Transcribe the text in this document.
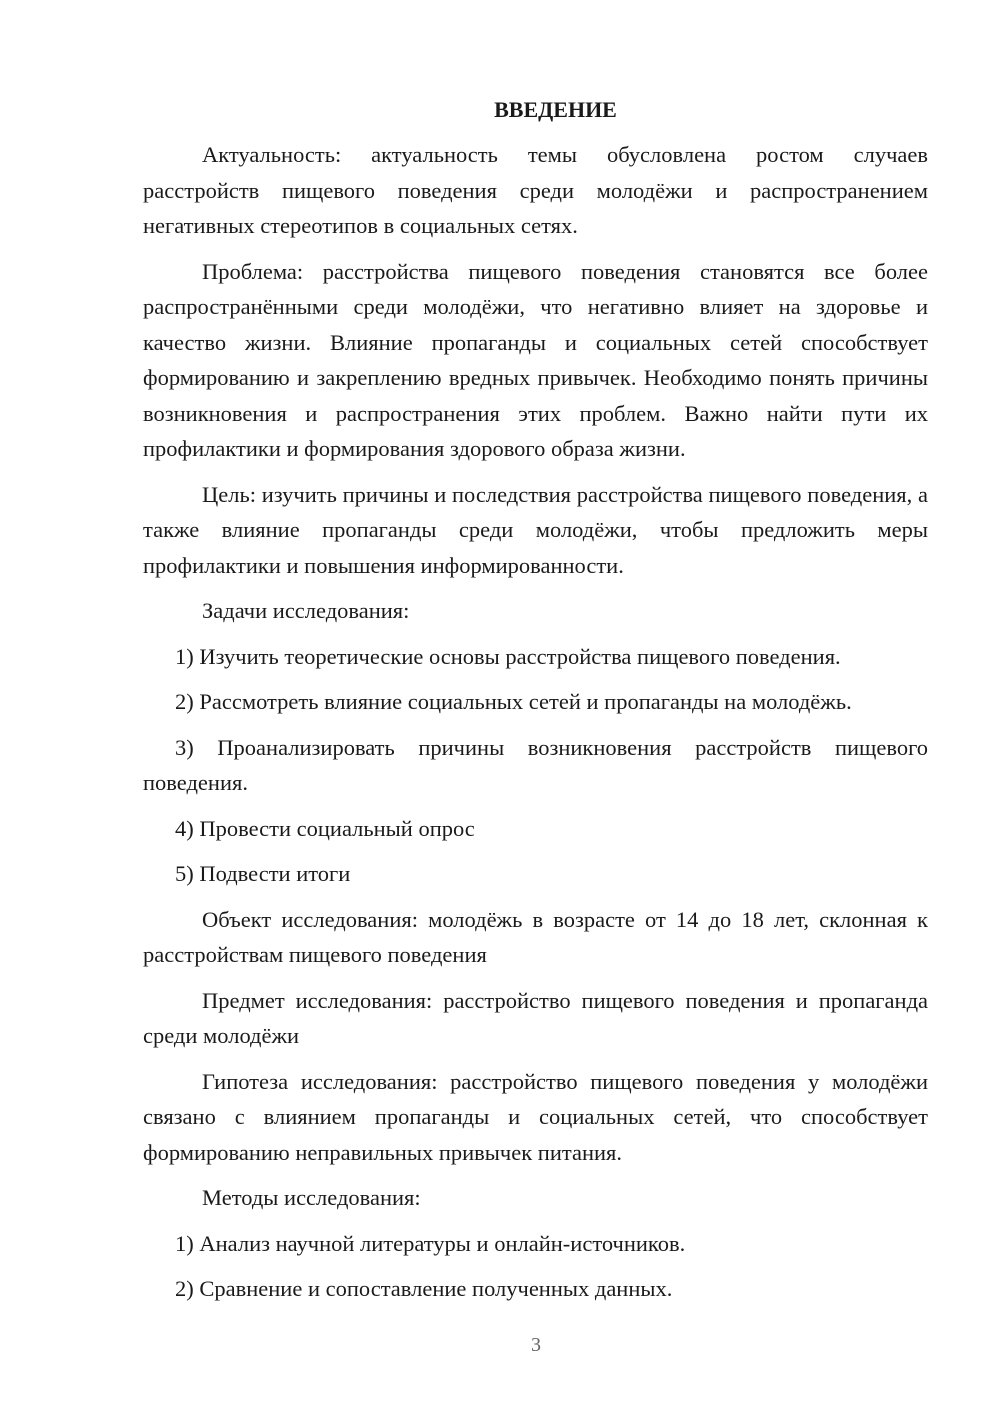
ВВЕДЕНИЕ

Актуальность: актуальность темы обусловлена ростом случаев расстройств пищевого поведения среди молодёжи и распространением негативных стереотипов в социальных сетях.

Проблема: расстройства пищевого поведения становятся все более распространёнными среди молодёжи, что негативно влияет на здоровье и качество жизни. Влияние пропаганды и социальных сетей способствует формированию и закреплению вредных привычек. Необходимо понять причины возникновения и распространения этих проблем. Важно найти пути их профилактики и формирования здорового образа жизни.

Цель: изучить причины и последствия расстройства пищевого поведения, а также влияние пропаганды среди молодёжи, чтобы предложить меры профилактики и повышения информированности.

Задачи исследования:

1) Изучить теоретические основы расстройства пищевого поведения.

2) Рассмотреть влияние социальных сетей и пропаганды на молодёжь.

3) Проанализировать причины возникновения расстройств пищевого поведения.

4) Провести социальный опрос

5) Подвести итоги

Объект исследования: молодёжь в возрасте от 14 до 18 лет, склонная к расстройствам пищевого поведения

Предмет исследования: расстройство пищевого поведения и пропаганда среди молодёжи

Гипотеза исследования: расстройство пищевого поведения у молодёжи связано с влиянием пропаганды и социальных сетей, что способствует формированию неправильных привычек питания.

Методы исследования:

1) Анализ научной литературы и онлайн-источников.

2) Сравнение и сопоставление полученных данных.

3
